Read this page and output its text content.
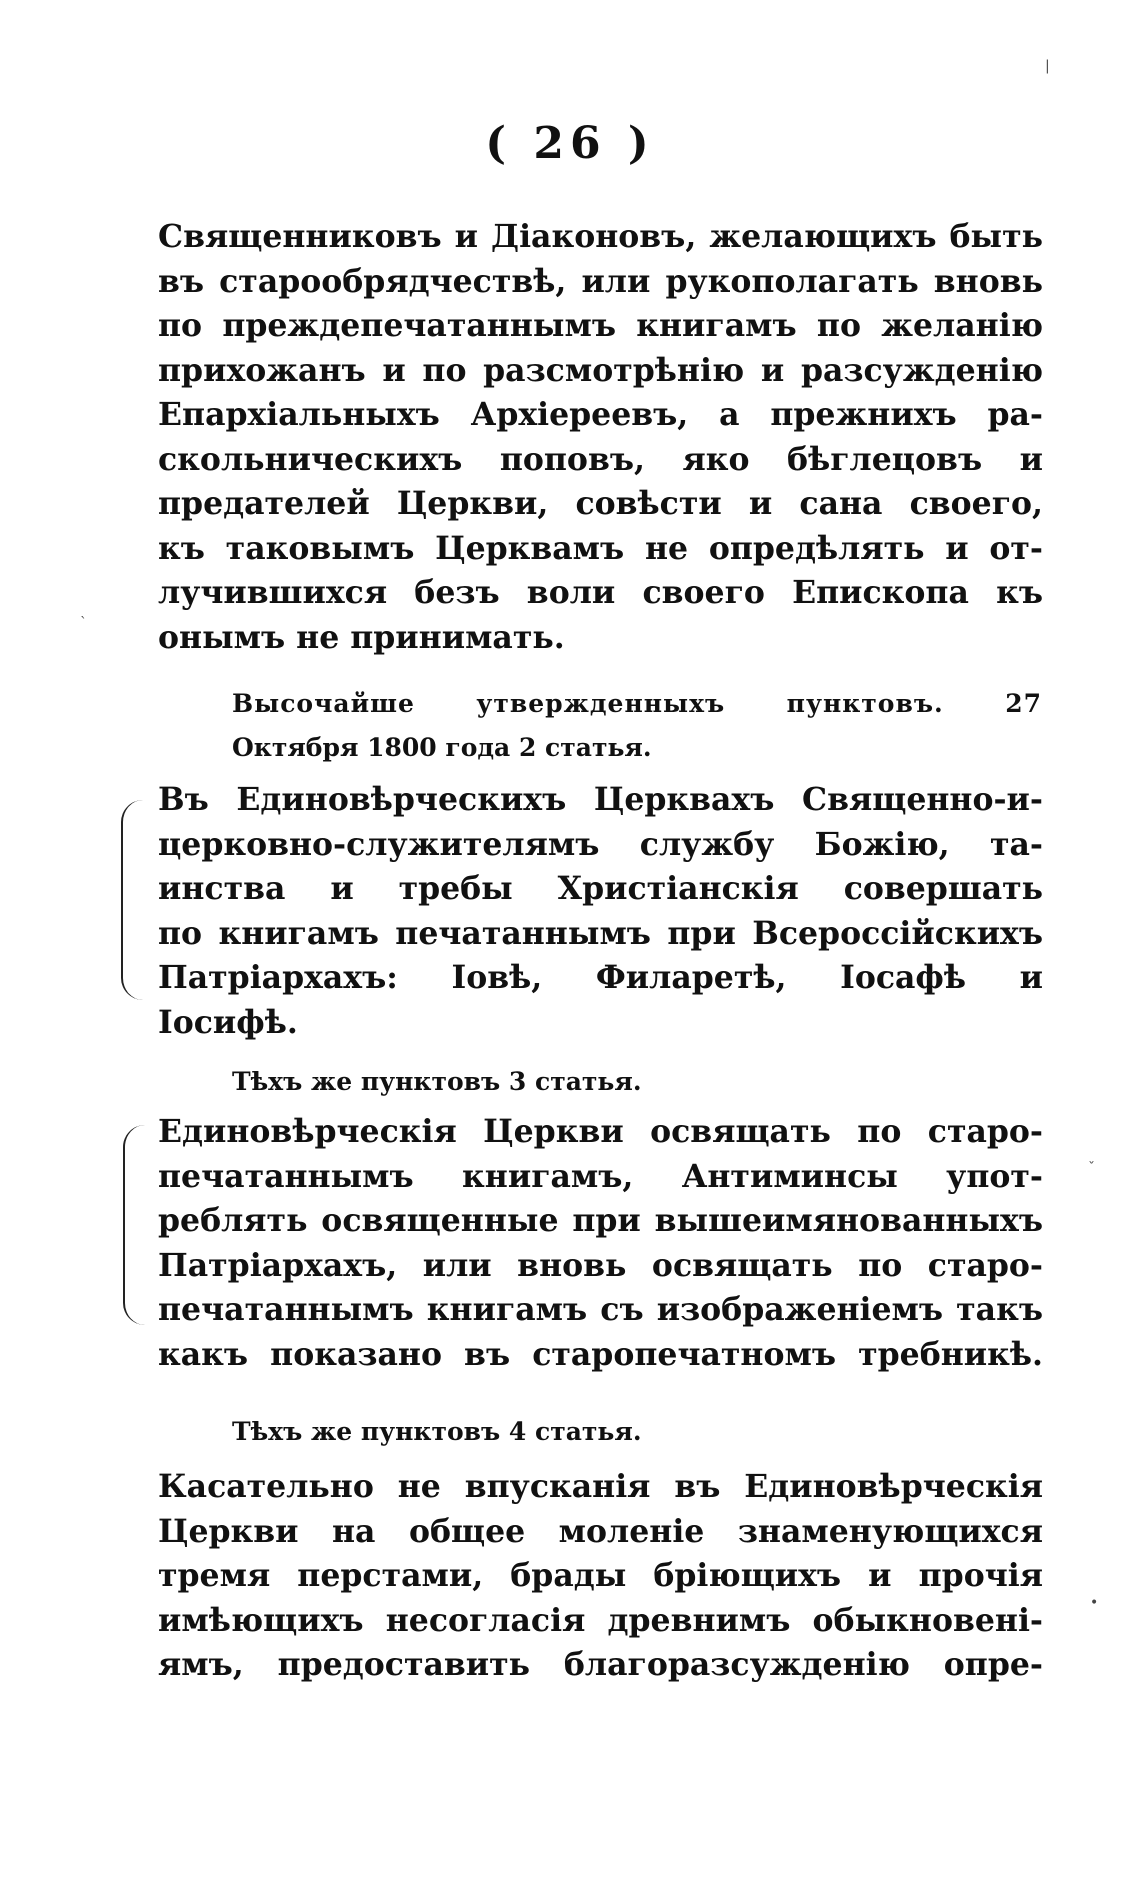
( 26 )
Священниковъ и Діаконовъ, желающихъ быть
въ старообрядчествѣ, или рукополагать вновь
по преждепечатаннымъ книгамъ по желанію
прихожанъ и по разсмотрѣнію и разсужденію
Епархіальныхъ Архіереевъ, а прежнихъ ра-
скольническихъ поповъ, яко бѣглецовъ и
предателей Церкви, совѣсти и сана своего,
къ таковымъ Церквамъ не опредѣлять и от-
лучившихся безъ воли своего Епископа къ
онымъ не принимать.
Высочайше утвержденныхъ пунктовъ. 27
Октября 1800 года 2 статья.
Въ Единовѣрческихъ Церквахъ Священно-и-
церковно-служителямъ службу Божію, та-
инства и требы Христіанскія совершать
по книгамъ печатаннымъ при Всероссійскихъ
Патріархахъ: Іовѣ, Филаретѣ, Іосафѣ и
Іосифѣ.
Тѣхъ же пунктовъ 3 статья.
Единовѣрческія Церкви освящать по старо-
печатаннымъ книгамъ, Антиминсы упот-
реблять освященные при вышеимянованныхъ
Патріархахъ, или вновь освящать по старо-
печатаннымъ книгамъ съ изображеніемъ такъ
какъ показано въ старопечатномъ требникѣ.
Тѣхъ же пунктовъ 4 статья.
Касательно не впусканія въ Единовѣрческія
Церкви на общее моленіе знаменующихся
тремя перстами, брады бріющихъ и прочія
имѣющихъ несогласія древнимъ обыкновені-
ямъ, предоставить благоразсужденію опре-
|
ˇ
•
ˋ
